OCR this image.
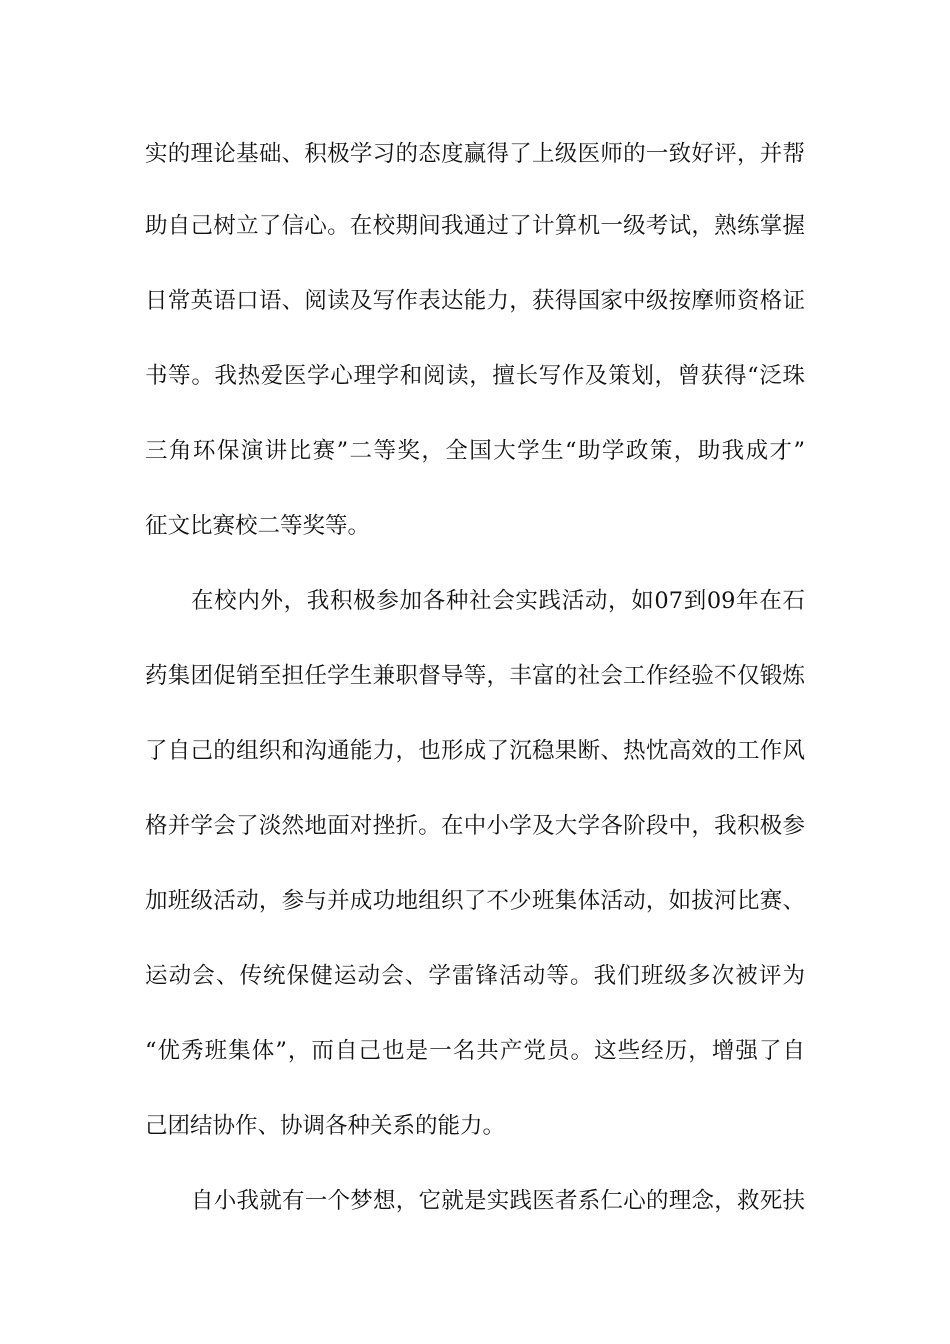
实的理论基础、积极学习的态度赢得了上级医师的一致好评，并帮
助自己树立了信心。在校期间我通过了计算机一级考试，熟练掌握
日常英语口语、阅读及写作表达能力，获得国家中级按摩师资格证
书等。我热爱医学心理学和阅读，擅长写作及策划，曾获得“泛珠
三角环保演讲比赛”二等奖，全国大学生“助学政策，助我成才”
征文比赛校二等奖等。
在校内外，我积极参加各种社会实践活动，如07到09年在石
药集团促销至担任学生兼职督导等，丰富的社会工作经验不仅锻炼
了自己的组织和沟通能力，也形成了沉稳果断、热忱高效的工作风
格并学会了淡然地面对挫折。在中小学及大学各阶段中，我积极参
加班级活动，参与并成功地组织了不少班集体活动，如拔河比赛、
运动会、传统保健运动会、学雷锋活动等。我们班级多次被评为
“优秀班集体”，而自己也是一名共产党员。这些经历，增强了自
己团结协作、协调各种关系的能力。
自小我就有一个梦想，它就是实践医者系仁心的理念，救死扶
